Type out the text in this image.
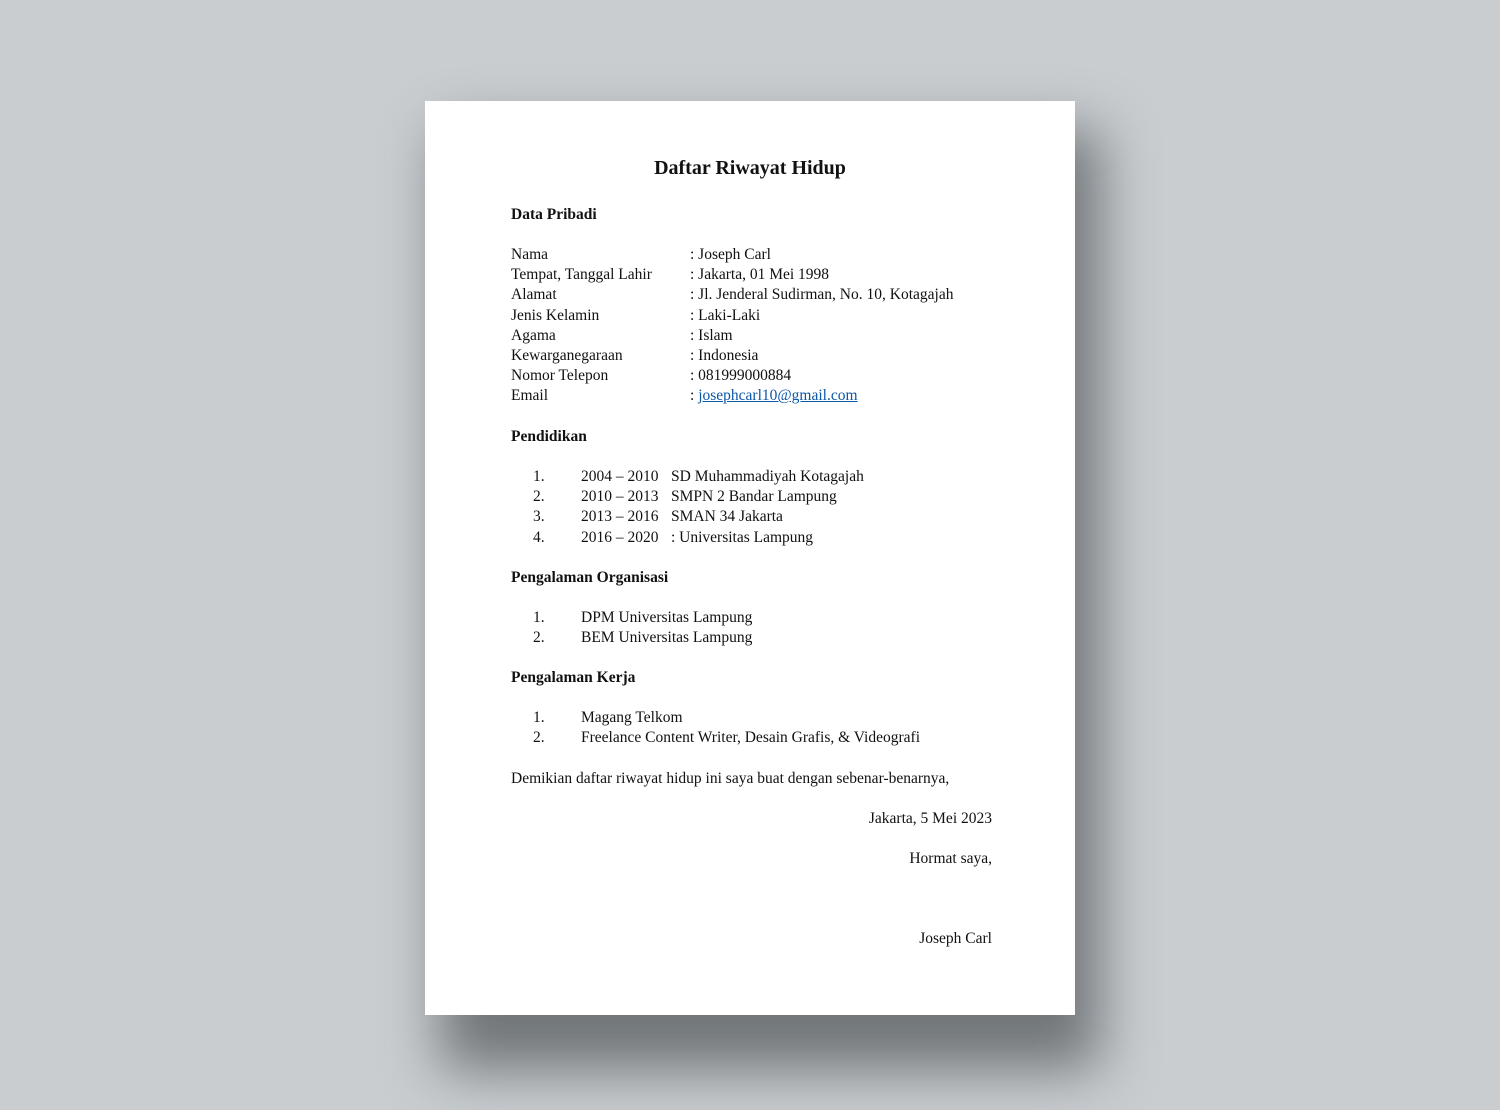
Daftar Riwayat Hidup
Data Pribadi
Nama	: Joseph Carl
Tempat, Tanggal Lahir	: Jakarta, 01 Mei 1998
Alamat	: Jl. Jenderal Sudirman, No. 10, Kotagajah
Jenis Kelamin	: Laki-Laki
Agama	: Islam
Kewarganegaraan	: Indonesia
Nomor Telepon	: 081999000884
Email	: josephcarl10@gmail.com
Pendidikan
1.	2004 – 2010 SD Muhammadiyah Kotagajah
2.	2010 – 2013 SMPN 2 Bandar Lampung
3.	2013 – 2016 SMAN 34 Jakarta
4.	2016 – 2020 : Universitas Lampung
Pengalaman Organisasi
1.	DPM Universitas Lampung
2.	BEM Universitas Lampung
Pengalaman Kerja
1.	Magang Telkom
2.	Freelance Content Writer, Desain Grafis, & Videografi
Demikian daftar riwayat hidup ini saya buat dengan sebenar-benarnya,
Jakarta, 5 Mei 2023
Hormat saya,
Joseph Carl
